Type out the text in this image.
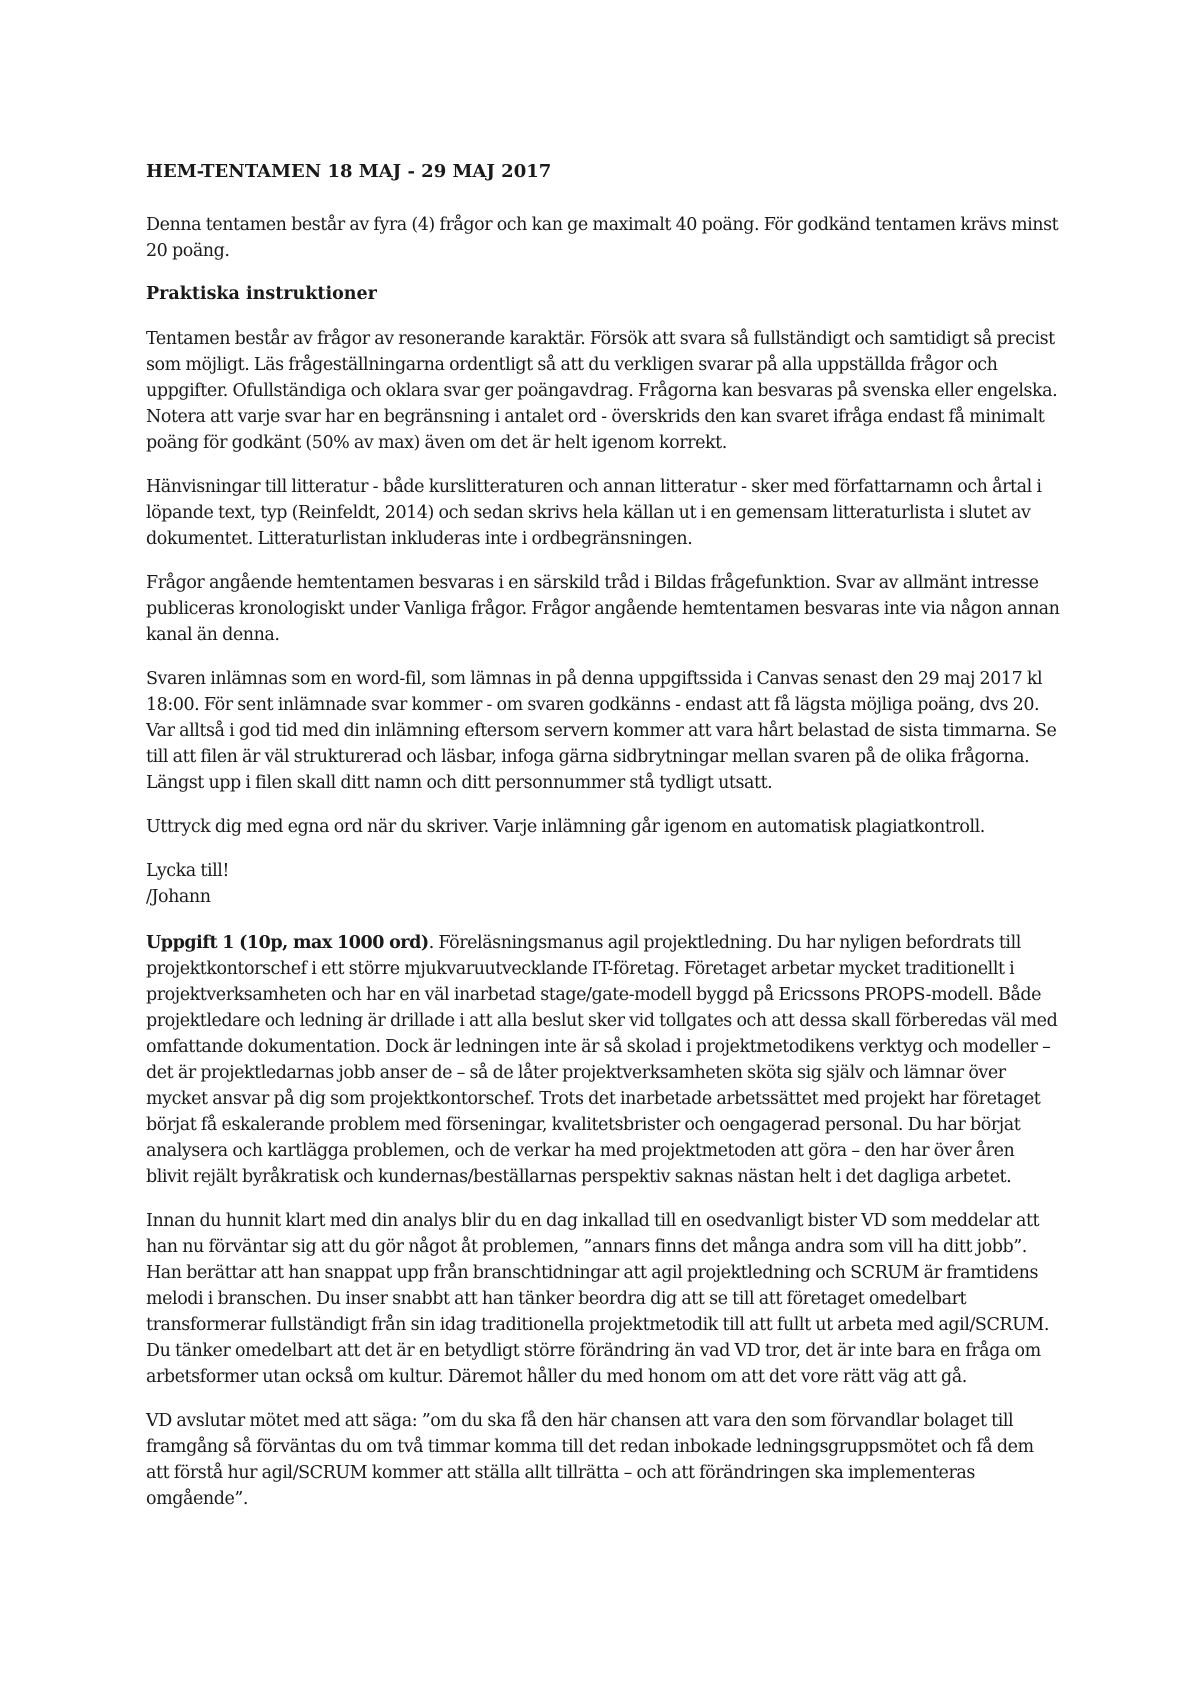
HEM-TENTAMEN 18 MAJ - 29 MAJ 2017

Denna tentamen består av fyra (4) frågor och kan ge maximalt 40 poäng. För godkänd tentamen krävs minst 20 poäng.

Praktiska instruktioner

Tentamen består av frågor av resonerande karaktär. Försök att svara så fullständigt och samtidigt så precist som möjligt. Läs frågeställningarna ordentligt så att du verkligen svarar på alla uppställda frågor och uppgifter. Ofullständiga och oklara svar ger poängavdrag. Frågorna kan besvaras på svenska eller engelska. Notera att varje svar har en begränsning i antalet ord - överskrids den kan svaret ifråga endast få minimalt poäng för godkänt (50% av max) även om det är helt igenom korrekt.

Hänvisningar till litteratur - både kurslitteraturen och annan litteratur - sker med författarnamn och årtal i löpande text, typ (Reinfeldt, 2014) och sedan skrivs hela källan ut i en gemensam litteraturlista i slutet av dokumentet. Litteraturlistan inkluderas inte i ordbegränsningen.

Frågor angående hemtentamen besvaras i en särskild tråd i Bildas frågefunktion. Svar av allmänt intresse publiceras kronologiskt under Vanliga frågor. Frågor angående hemtentamen besvaras inte via någon annan kanal än denna.

Svaren inlämnas som en word-fil, som lämnas in på denna uppgiftssida i Canvas senast den 29 maj 2017 kl 18:00. För sent inlämnade svar kommer - om svaren godkänns - endast att få lägsta möjliga poäng, dvs 20. Var alltså i god tid med din inlämning eftersom servern kommer att vara hårt belastad de sista timmarna. Se till att filen är väl strukturerad och läsbar, infoga gärna sidbrytningar mellan svaren på de olika frågorna. Längst upp i filen skall ditt namn och ditt personnummer stå tydligt utsatt.

Uttryck dig med egna ord när du skriver. Varje inlämning går igenom en automatisk plagiatkontroll.

Lycka till!
/Johann

Uppgift 1 (10p, max 1000 ord). Föreläsningsmanus agil projektledning. Du har nyligen befordrats till projektkontorschef i ett större mjukvaruutvecklande IT-företag. Företaget arbetar mycket traditionellt i projektverksamheten och har en väl inarbetad stage/gate-modell byggd på Ericssons PROPS-modell. Både projektledare och ledning är drillade i att alla beslut sker vid tollgates och att dessa skall förberedas väl med omfattande dokumentation. Dock är ledningen inte är så skolad i projektmetodikens verktyg och modeller – det är projektledarnas jobb anser de – så de låter projektverksamheten sköta sig själv och lämnar över mycket ansvar på dig som projektkontorschef. Trots det inarbetade arbetssättet med projekt har företaget börjat få eskalerande problem med förseningar, kvalitetsbrister och oengagerad personal. Du har börjat analysera och kartlägga problemen, och de verkar ha med projektmetoden att göra – den har över åren blivit rejält byråkratisk och kundernas/beställarnas perspektiv saknas nästan helt i det dagliga arbetet.

Innan du hunnit klart med din analys blir du en dag inkallad till en osedvanligt bister VD som meddelar att han nu förväntar sig att du gör något åt problemen, ”annars finns det många andra som vill ha ditt jobb”. Han berättar att han snappat upp från branschtidningar att agil projektledning och SCRUM är framtidens melodi i branschen. Du inser snabbt att han tänker beordra dig att se till att företaget omedelbart transformerar fullständigt från sin idag traditionella projektmetodik till att fullt ut arbeta med agil/SCRUM. Du tänker omedelbart att det är en betydligt större förändring än vad VD tror, det är inte bara en fråga om arbetsformer utan också om kultur. Däremot håller du med honom om att det vore rätt väg att gå.

VD avslutar mötet med att säga: ”om du ska få den här chansen att vara den som förvandlar bolaget till framgång så förväntas du om två timmar komma till det redan inbokade ledningsgruppsmötet och få dem att förstå hur agil/SCRUM kommer att ställa allt tillrätta – och att förändringen ska implementeras omgående”.
